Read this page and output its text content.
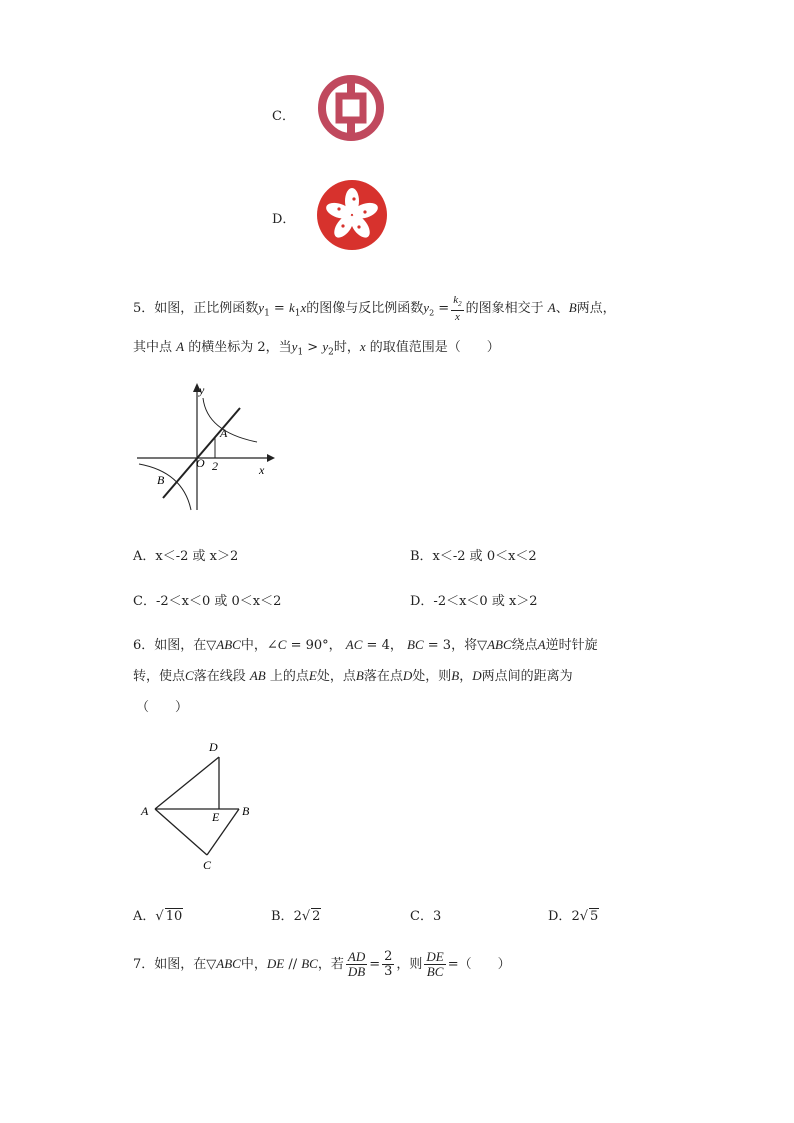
C．
D．
5．如图，正比例函数$y_1 = k_1x$的图像与反比例函数$y_2 = \frac{k_2}{x}$ 的图象相交于 A、B两点，
其中点 A 的横坐标为 2，当$y_1 > y_2$时，x 的取值范围是（　　）
y
x
O 2
A
B
A．x＜-2 或 x＞2	B．x＜-2 或 0＜x＜2
C．-2＜x＜0 或 0＜x＜2	D．-2＜x＜0 或 x＞2
6．如图，在▽ABC中，∠C = 90°， AC = 4， BC = 3，将▽ABC绕点A逆时针旋
转，使点C落在线段 AB 上的点E处，点B落在点D处，则B，D两点间的距离为
（　　）
D
A	E B
C
A．√ 10	B．2√ 2	C．3	D．2√ 5
7．如图，在▽ABC中，DE // BC，若 $\frac{AD}{DB} = \frac{2}{3}$ ，则 $\frac{DE}{BC}$ =（　　）
